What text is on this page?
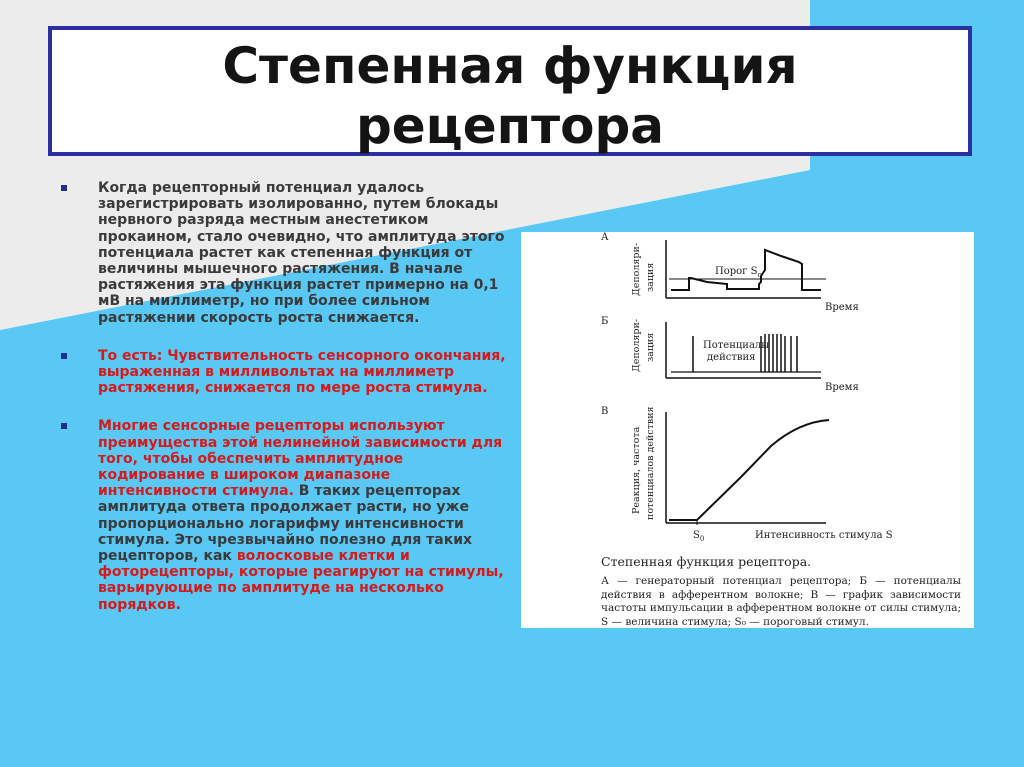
Степенная функция
рецептора
Когда рецепторный потенциал удалось зарегистрировать изолированно, путем блокады нервного разряда местным анестетиком прокаином, стало очевидно, что амплитуда этого потенциала растет как степенная функция от величины мышечного растяжения. В начале растяжения эта функция растет примерно на 0,1 мВ на миллиметр, но при более сильном растяжении скорость роста снижается.
То есть: Чувствительность сенсорного окончания, выраженная в милливольтах на миллиметр растяжения, снижается по мере роста стимула.
Многие сенсорные рецепторы используют преимущества этой нелинейной зависимости для того, чтобы обеспечить амплитудное кодирование в широком диапазоне интенсивности стимула. В таких рецепторах амплитуда ответа продолжает расти, но уже пропорционально логарифму интенсивности стимула. Это чрезвычайно полезно для таких рецепторов, как волосковые клетки и фоторецепторы, которые реагируют на стимулы, варьирующие по амплитуде на несколько порядков.
А
Деполяри- зация	Порог $S_с$
Время
Б Деполяри- зация	Потенциалы
действия
Время
В
Реакция, частота потенциалов действия
$S_0$	Интенсивность стимула S

Степенная функция рецептора.

А — генераторный потенциал рецептора; Б — потенциалы действия в афферентном волокне; В — график зависимости частоты импульсации в афферентном волокне от силы стимула; S — величина стимула; S₀ — пороговый стимул.
